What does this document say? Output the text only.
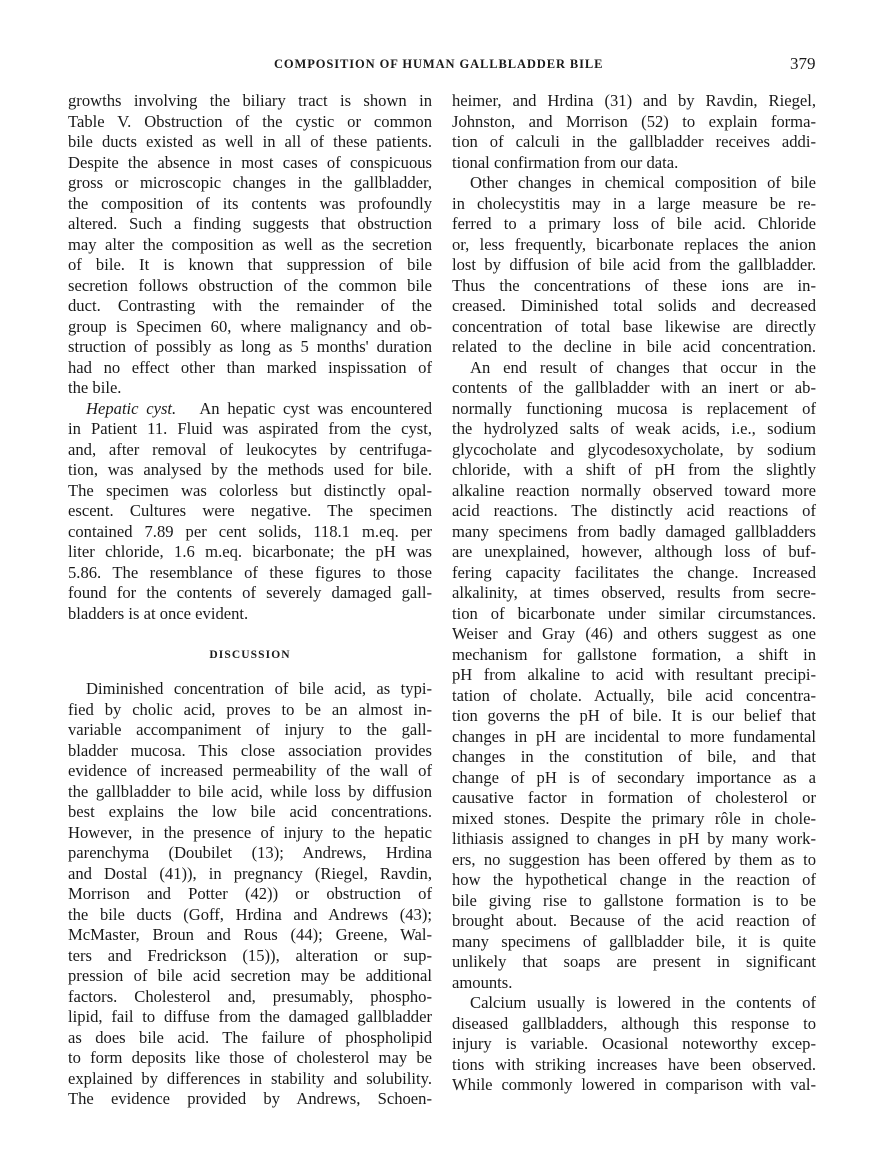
COMPOSITION OF HUMAN GALLBLADDER BILE	379
growths involving the biliary tract is shown in
Table V. Obstruction of the cystic or common
bile ducts existed as well in all of these patients.
Despite the absence in most cases of conspicuous
gross or microscopic changes in the gallbladder,
the composition of its contents was profoundly
altered. Such a finding suggests that obstruction
may alter the composition as well as the secretion
of bile. It is known that suppression of bile
secretion follows obstruction of the common bile
duct. Contrasting with the remainder of the
group is Specimen 60, where malignancy and ob-
struction of possibly as long as 5 months' duration
had no effect other than marked inspissation of
the bile.
Hepatic cyst. An hepatic cyst was encountered
in Patient 11. Fluid was aspirated from the cyst,
and, after removal of leukocytes by centrifuga-
tion, was analysed by the methods used for bile.
The specimen was colorless but distinctly opal-
escent. Cultures were negative. The specimen
contained 7.89 per cent solids, 118.1 m.eq. per
liter chloride, 1.6 m.eq. bicarbonate; the pH was
5.86. The resemblance of these figures to those
found for the contents of severely damaged gall-
bladders is at once evident.
DISCUSSION
Diminished concentration of bile acid, as typi-
fied by cholic acid, proves to be an almost in-
variable accompaniment of injury to the gall-
bladder mucosa. This close association provides
evidence of increased permeability of the wall of
the gallbladder to bile acid, while loss by diffusion
best explains the low bile acid concentrations.
However, in the presence of injury to the hepatic
parenchyma (Doubilet (13); Andrews, Hrdina
and Dostal (41)), in pregnancy (Riegel, Ravdin,
Morrison and Potter (42)) or obstruction of
the bile ducts (Goff, Hrdina and Andrews (43);
McMaster, Broun and Rous (44); Greene, Wal-
ters and Fredrickson (15)), alteration or sup-
pression of bile acid secretion may be additional
factors. Cholesterol and, presumably, phospho-
lipid, fail to diffuse from the damaged gallbladder
as does bile acid. The failure of phospholipid
to form deposits like those of cholesterol may be
explained by differences in stability and solubility.
The evidence provided by Andrews, Schoen-
heimer, and Hrdina (31) and by Ravdin, Riegel,
Johnston, and Morrison (52) to explain forma-
tion of calculi in the gallbladder receives addi-
tional confirmation from our data.
Other changes in chemical composition of bile
in cholecystitis may in a large measure be re-
ferred to a primary loss of bile acid. Chloride
or, less frequently, bicarbonate replaces the anion
lost by diffusion of bile acid from the gallbladder.
Thus the concentrations of these ions are in-
creased. Diminished total solids and decreased
concentration of total base likewise are directly
related to the decline in bile acid concentration.
An end result of changes that occur in the
contents of the gallbladder with an inert or ab-
normally functioning mucosa is replacement of
the hydrolyzed salts of weak acids, i.e., sodium
glycocholate and glycodesoxycholate, by sodium
chloride, with a shift of pH from the slightly
alkaline reaction normally observed toward more
acid reactions. The distinctly acid reactions of
many specimens from badly damaged gallbladders
are unexplained, however, although loss of buf-
fering capacity facilitates the change. Increased
alkalinity, at times observed, results from secre-
tion of bicarbonate under similar circumstances.
Weiser and Gray (46) and others suggest as one
mechanism for gallstone formation, a shift in
pH from alkaline to acid with resultant precipi-
tation of cholate. Actually, bile acid concentra-
tion governs the pH of bile. It is our belief that
changes in pH are incidental to more fundamental
changes in the constitution of bile, and that
change of pH is of secondary importance as a
causative factor in formation of cholesterol or
mixed stones. Despite the primary rôle in chole-
lithiasis assigned to changes in pH by many work-
ers, no suggestion has been offered by them as to
how the hypothetical change in the reaction of
bile giving rise to gallstone formation is to be
brought about. Because of the acid reaction of
many specimens of gallbladder bile, it is quite
unlikely that soaps are present in significant
amounts.
Calcium usually is lowered in the contents of
diseased gallbladders, although this response to
injury is variable. Ocasional noteworthy excep-
tions with striking increases have been observed.
While commonly lowered in comparison with val-
